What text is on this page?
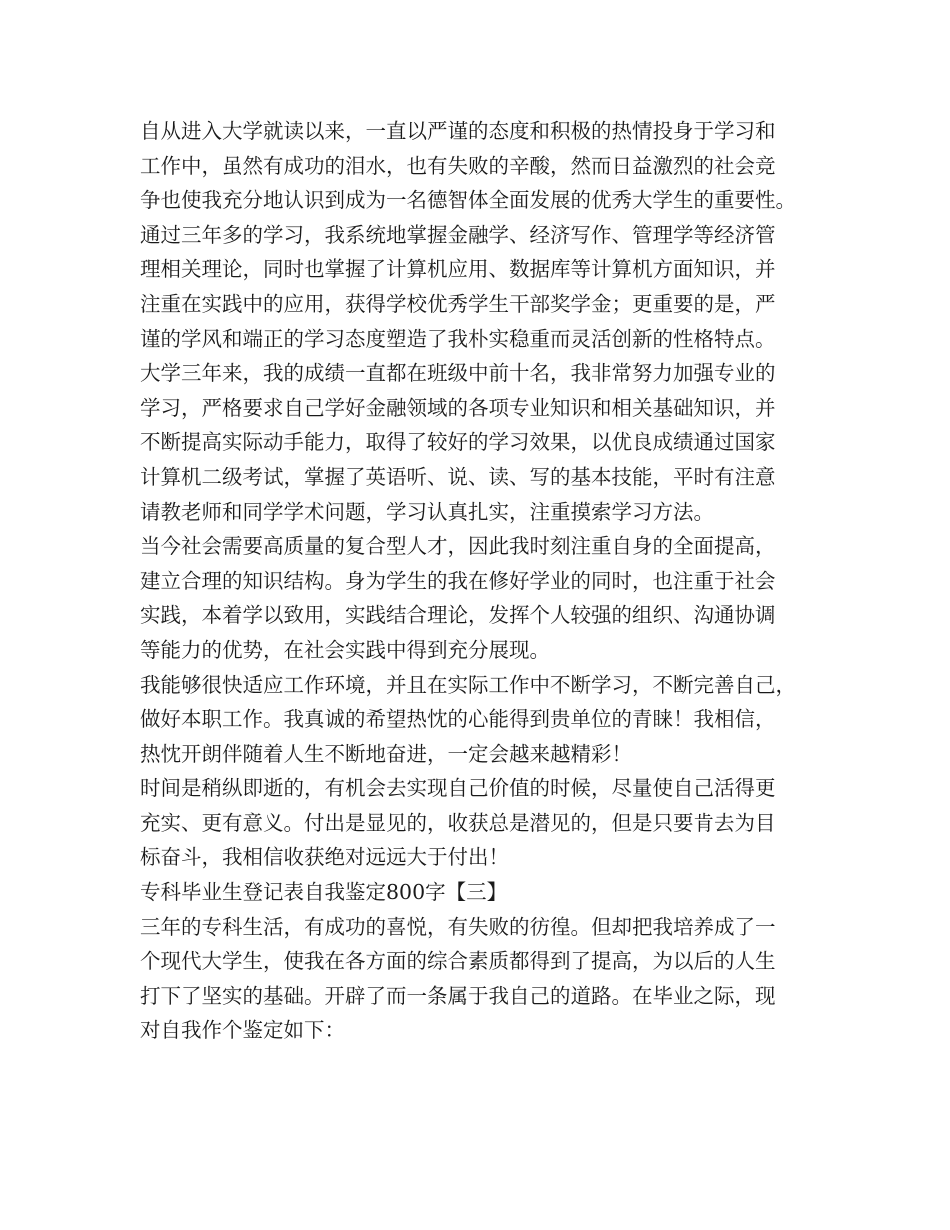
自从进入大学就读以来，一直以严谨的态度和积极的热情投身于学习和
工作中，虽然有成功的泪水，也有失败的辛酸，然而日益激烈的社会竞
争也使我充分地认识到成为一名德智体全面发展的优秀大学生的重要性。
通过三年多的学习，我系统地掌握金融学、经济写作、管理学等经济管
理相关理论，同时也掌握了计算机应用、数据库等计算机方面知识，并
注重在实践中的应用，获得学校优秀学生干部奖学金；更重要的是，严
谨的学风和端正的学习态度塑造了我朴实稳重而灵活创新的性格特点。
大学三年来，我的成绩一直都在班级中前十名，我非常努力加强专业的
学习，严格要求自己学好金融领域的各项专业知识和相关基础知识，并
不断提高实际动手能力，取得了较好的学习效果，以优良成绩通过国家
计算机二级考试，掌握了英语听、说、读、写的基本技能，平时有注意
请教老师和同学学术问题，学习认真扎实，注重摸索学习方法。
当今社会需要高质量的复合型人才，因此我时刻注重自身的全面提高，
建立合理的知识结构。身为学生的我在修好学业的同时，也注重于社会
实践，本着学以致用，实践结合理论，发挥个人较强的组织、沟通协调
等能力的优势，在社会实践中得到充分展现。
我能够很快适应工作环境，并且在实际工作中不断学习，不断完善自己，
做好本职工作。我真诚的希望热忱的心能得到贵单位的青睐！我相信，
热忱开朗伴随着人生不断地奋进，一定会越来越精彩！
时间是稍纵即逝的，有机会去实现自己价值的时候，尽量使自己活得更
充实、更有意义。付出是显见的，收获总是潜见的，但是只要肯去为目
标奋斗，我相信收获绝对远远大于付出！
专科毕业生登记表自我鉴定800字【三】
三年的专科生活，有成功的喜悦，有失败的彷徨。但却把我培养成了一
个现代大学生，使我在各方面的综合素质都得到了提高，为以后的人生
打下了坚实的基础。开辟了而一条属于我自己的道路。在毕业之际，现
对自我作个鉴定如下：
